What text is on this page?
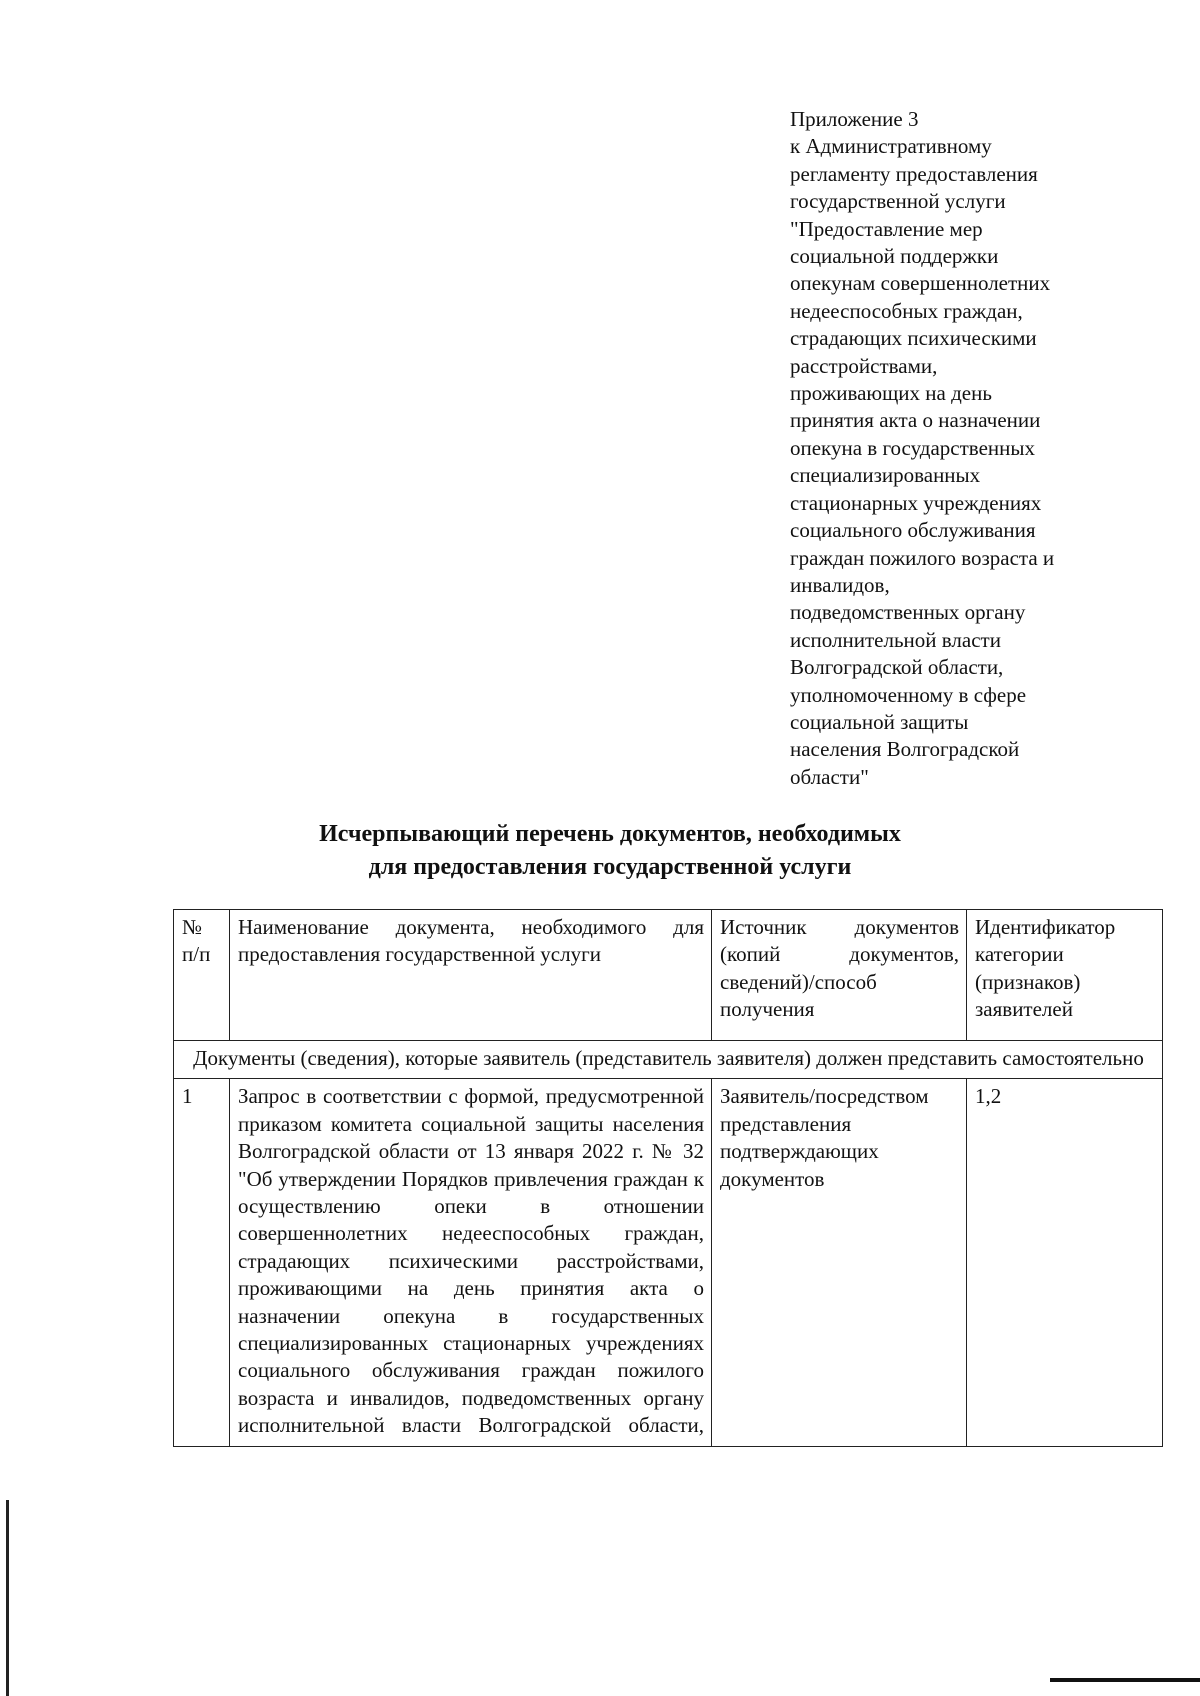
Приложение 3
к Административному
регламенту предоставления
государственной услуги
"Предоставление мер
социальной поддержки
опекунам совершеннолетних
недееспособных граждан,
страдающих психическими
расстройствами,
проживающих на день
принятия акта о назначении
опекуна в государственных
специализированных
стационарных учреждениях
социального обслуживания
граждан пожилого возраста и
инвалидов,
подведомственных органу
исполнительной власти
Волгоградской области,
уполномоченному в сфере
социальной защиты
населения Волгоградской
области"
Исчерпывающий перечень документов, необходимых
для предоставления государственной услуги
№ п/п	Наименование документа, необходимого для предоставления государственной услуги	Источник документов (копий документов, сведений)/способ получения	Идентификатор категории (признаков) заявителей
Документы (сведения), которые заявитель (представитель заявителя) должен представить самостоятельно			
1	Запрос в соответствии с формой, предусмотренной приказом комитета социальной защиты населения Волгоградской области от 13 января 2022 г. № 32 "Об утверждении Порядков привлечения граждан к осуществлению опеки в отношении совершеннолетних недееспособных граждан, страдающих психическими расстройствами, проживающими на день принятия акта о назначении опекуна в государственных специализированных стационарных учреждениях социального обслуживания граждан пожилого возраста и инвалидов, подведомственных органу исполнительной власти Волгоградской области,	Заявитель/посредством представления подтверждающих документов	1,2
